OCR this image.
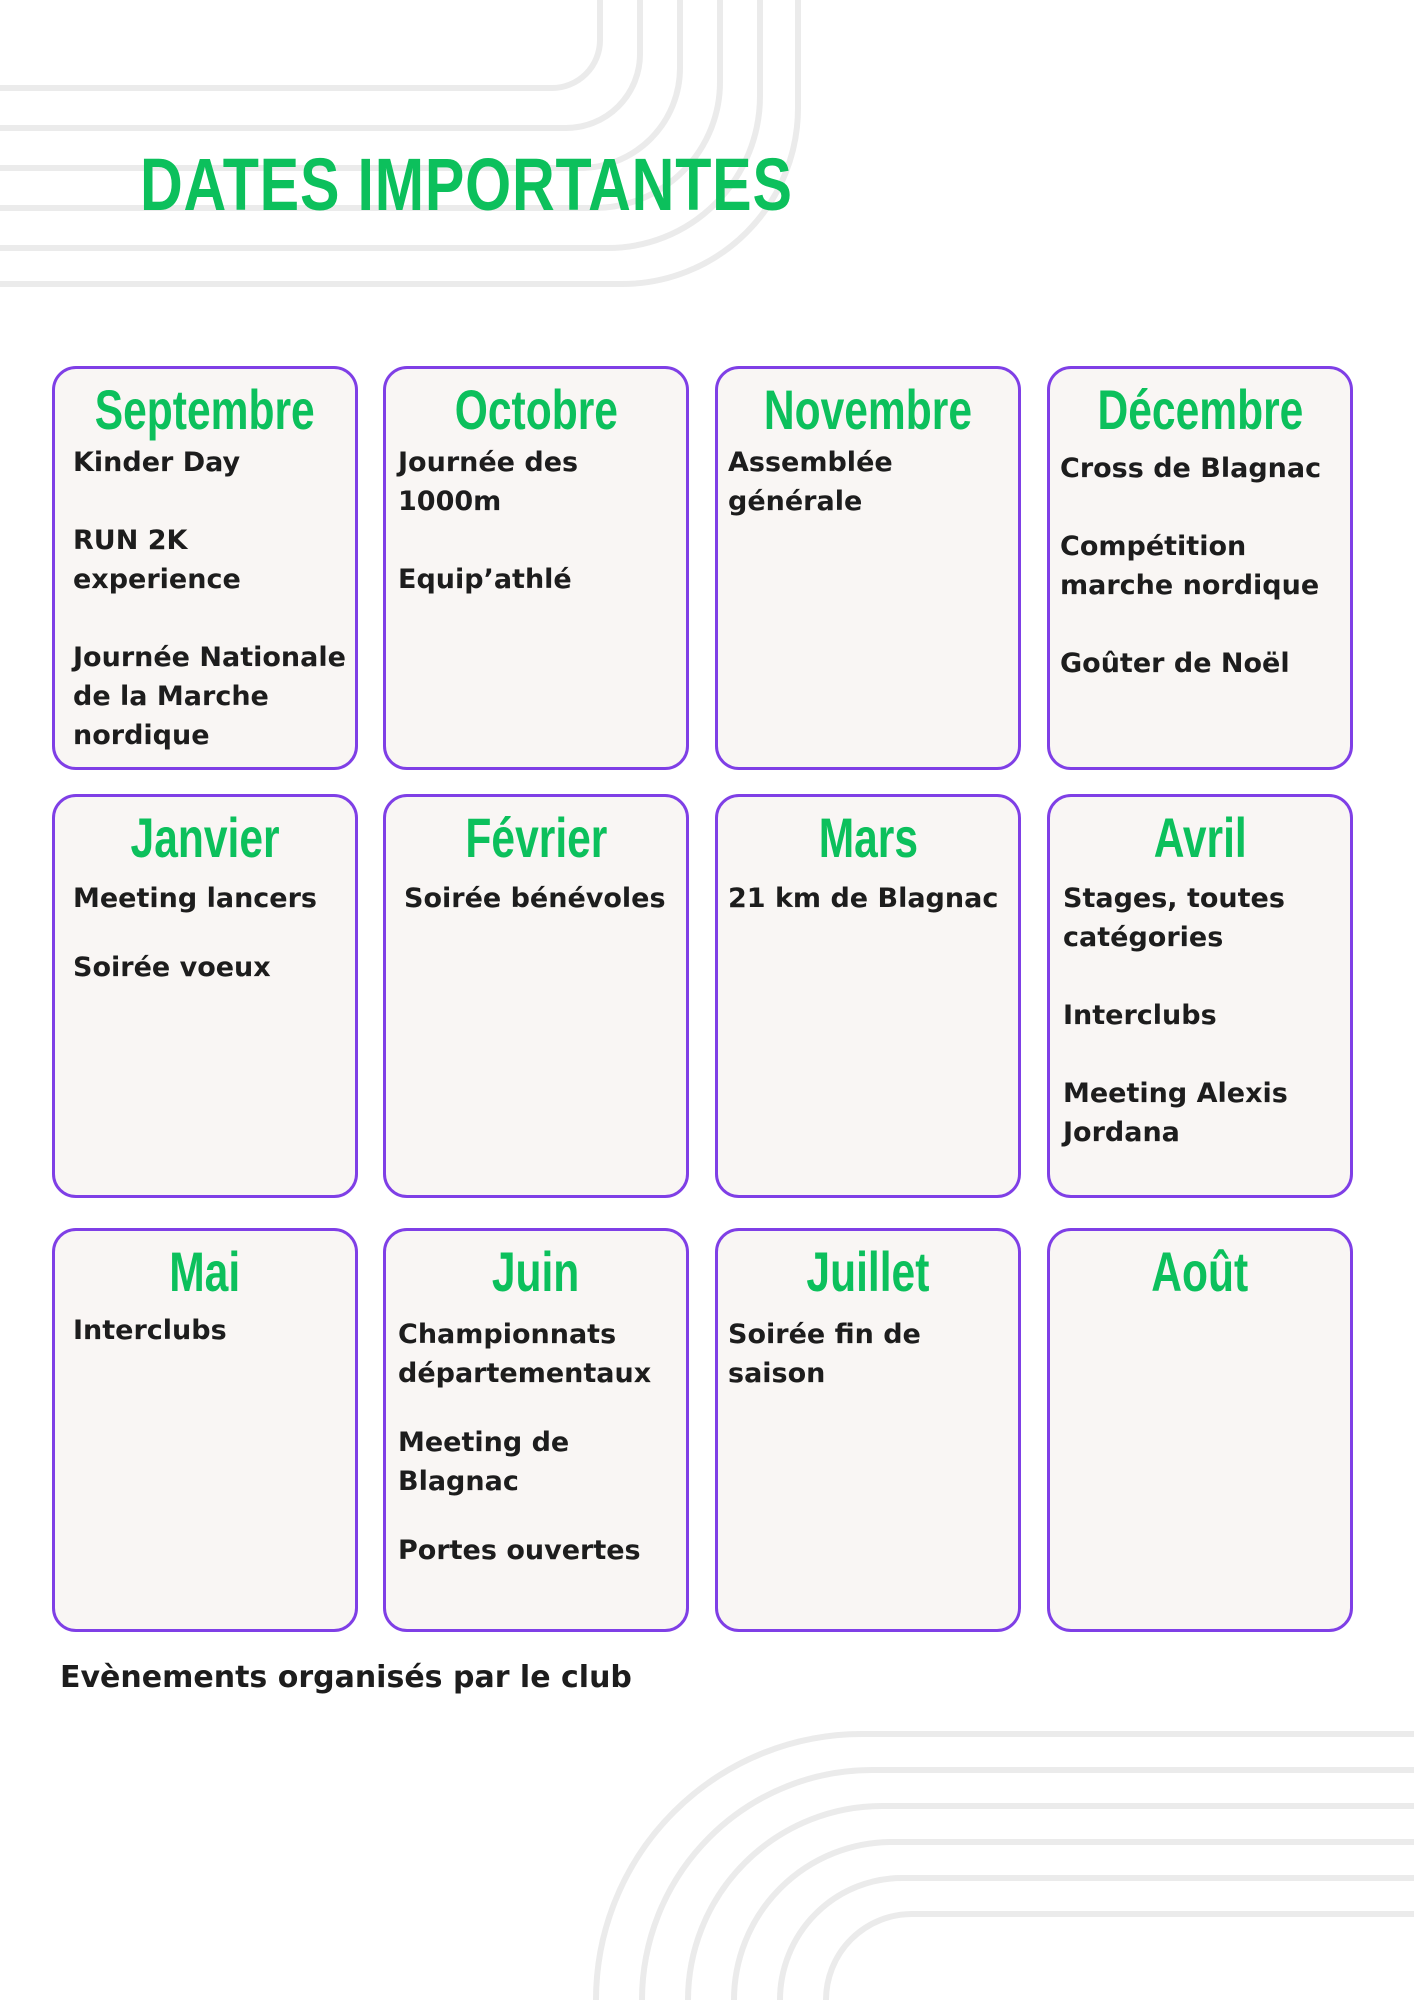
DATES IMPORTANTES
Septembre
Kinder Day
RUN 2K experience
Journée Nationale
de la Marche
nordique
Octobre
Journée des 1000m
Equip’athlé
Novembre
Assemblée
générale
Décembre
Cross de Blagnac
Compétition
marche nordique
Goûter de Noël
Janvier
Meeting lancers
Soirée voeux
Février
Soirée bénévoles
Mars
21 km de Blagnac
Avril
Stages, toutes
catégories
Interclubs
Meeting Alexis
Jordana
Mai
Interclubs
Juin
Championnats
départementaux
Meeting de Blagnac
Portes ouvertes
Juillet
Soirée fin de saison
Août

Evènements organisés par le club
